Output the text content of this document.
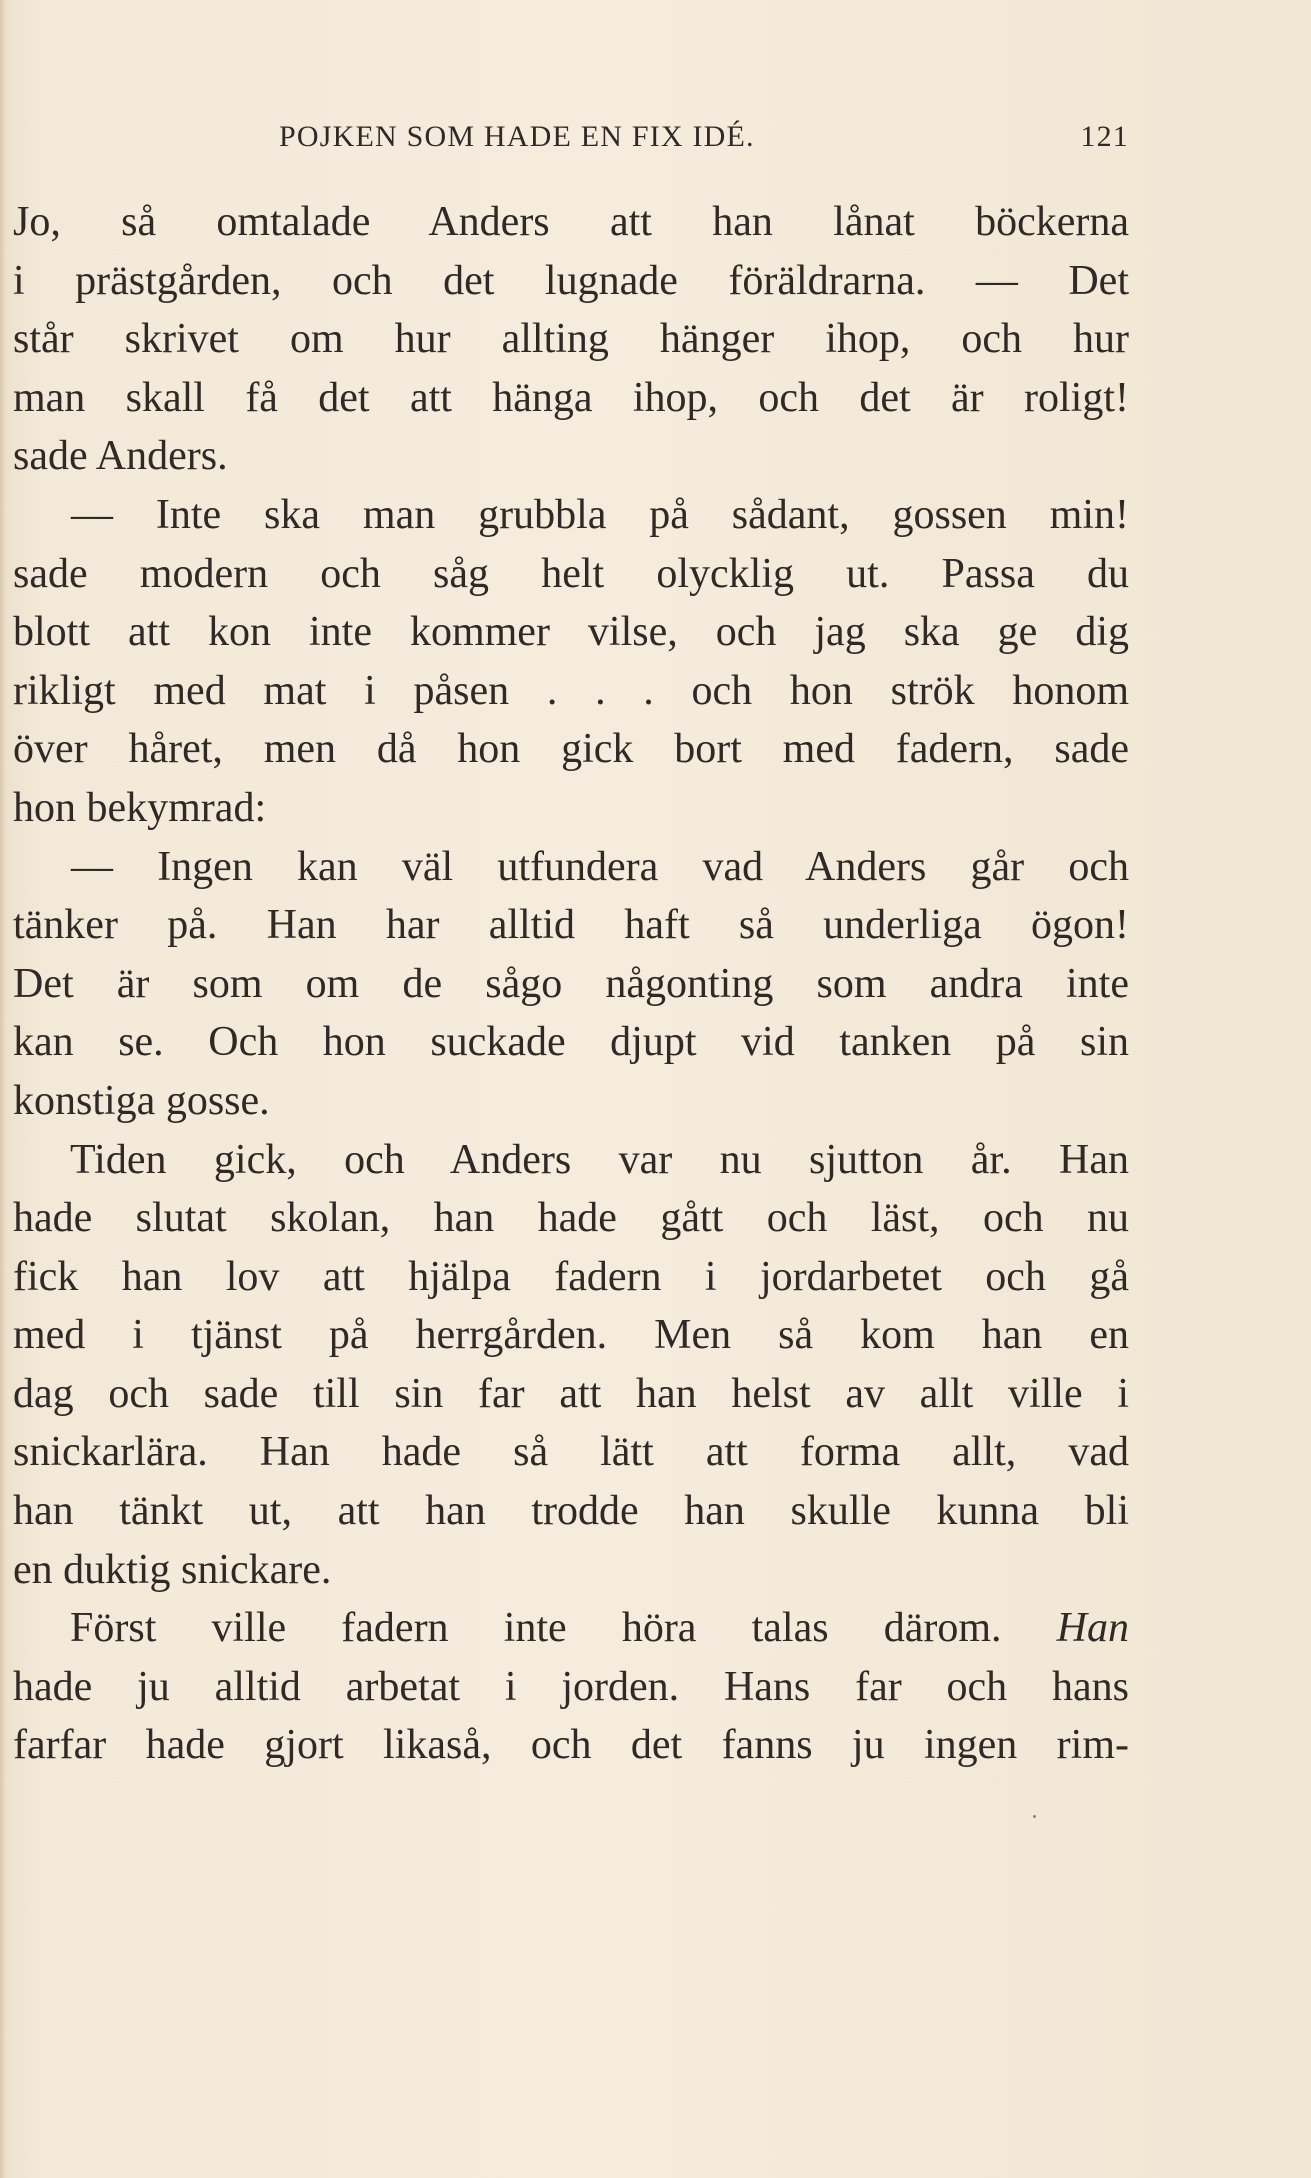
POJKEN SOM HADE EN FIX IDÉ.	121
Jo, så omtalade Anders att han lånat böckerna
i prästgården, och det lugnade föräldrarna. — Det
står skrivet om hur allting hänger ihop, och hur
man skall få det att hänga ihop, och det är roligt!
sade Anders.
— Inte ska man grubbla på sådant, gossen min!
sade modern och såg helt olycklig ut. Passa du
blott att kon inte kommer vilse, och jag ska ge dig
rikligt med mat i påsen . . . och hon strök honom
över håret, men då hon gick bort med fadern, sade
hon bekymrad:
— Ingen kan väl utfundera vad Anders går och
tänker på. Han har alltid haft så underliga ögon!
Det är som om de sågo någonting som andra inte
kan se. Och hon suckade djupt vid tanken på sin
konstiga gosse.
Tiden gick, och Anders var nu sjutton år. Han
hade slutat skolan, han hade gått och läst, och nu
fick han lov att hjälpa fadern i jordarbetet och gå
med i tjänst på herrgården. Men så kom han en
dag och sade till sin far att han helst av allt ville i
snickarlära. Han hade så lätt att forma allt, vad
han tänkt ut, att han trodde han skulle kunna bli
en duktig snickare.
Först ville fadern inte höra talas därom. Han
hade ju alltid arbetat i jorden. Hans far och hans
farfar hade gjort likaså, och det fanns ju ingen rim-
